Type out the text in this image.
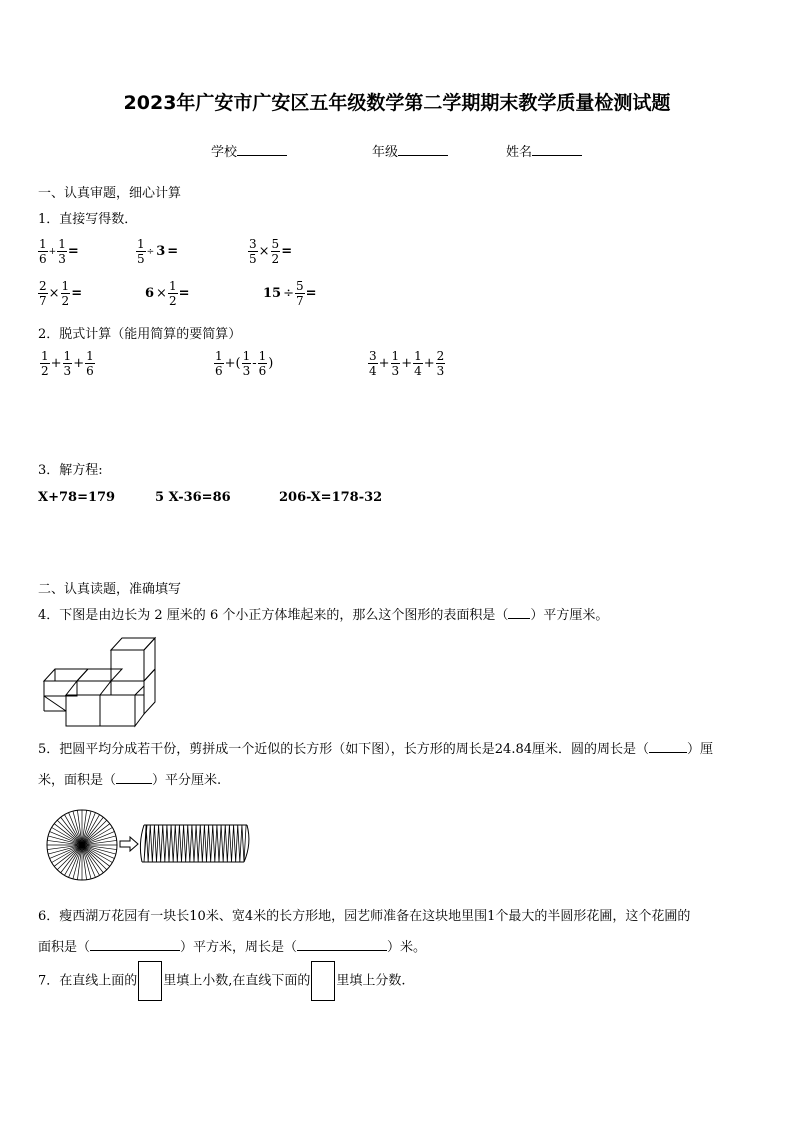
2023年广安市广安区五年级数学第二学期期末教学质量检测试题
学校	年级	姓名
一、认真审题，细心计算
1．直接写得数．
$\frac{1}{6} + \frac{1}{3}$ =	$\frac{1}{5} \div 3$ =	$\frac{3}{5} \times \frac{5}{2}$ =
$\frac{2}{7} \times \frac{1}{2}$ =	$6 \times \frac{1}{2}$ =	$15 \div \frac{5}{7}$ =
2．脱式计算（能用简算的要简算）
$\frac{1}{2} + \frac{1}{3} + \frac{1}{6}$	$\frac{1}{6}$ +( $\frac{1}{3} - \frac{1}{6}$ )	$\frac{3}{4} + \frac{1}{3} + \frac{1}{4} + \frac{2}{3}$
3．解方程:
X+78=179	5 X-36=86	206-X=178-32
二、认真读题，准确填写
4．下图是由边长为 2 厘米的 6 个小正方体堆起来的，那么这个图形的表面积是（ ）平方厘米。
5．把圆平均分成若干份，剪拼成一个近似的长方形（如下图），长方形的周长是24.84厘米．圆的周长是（	）厘
米，面积是（	）平分厘米.
6．瘦西湖万花园有一块长10米、宽4米的长方形地，园艺师准备在这块地里围1个最大的半圆形花圃，这个花圃的
面积是（	）平方米，周长是（	）米。
7．在直线上面的 里填上小数,在直线下面的 里填上分数.
